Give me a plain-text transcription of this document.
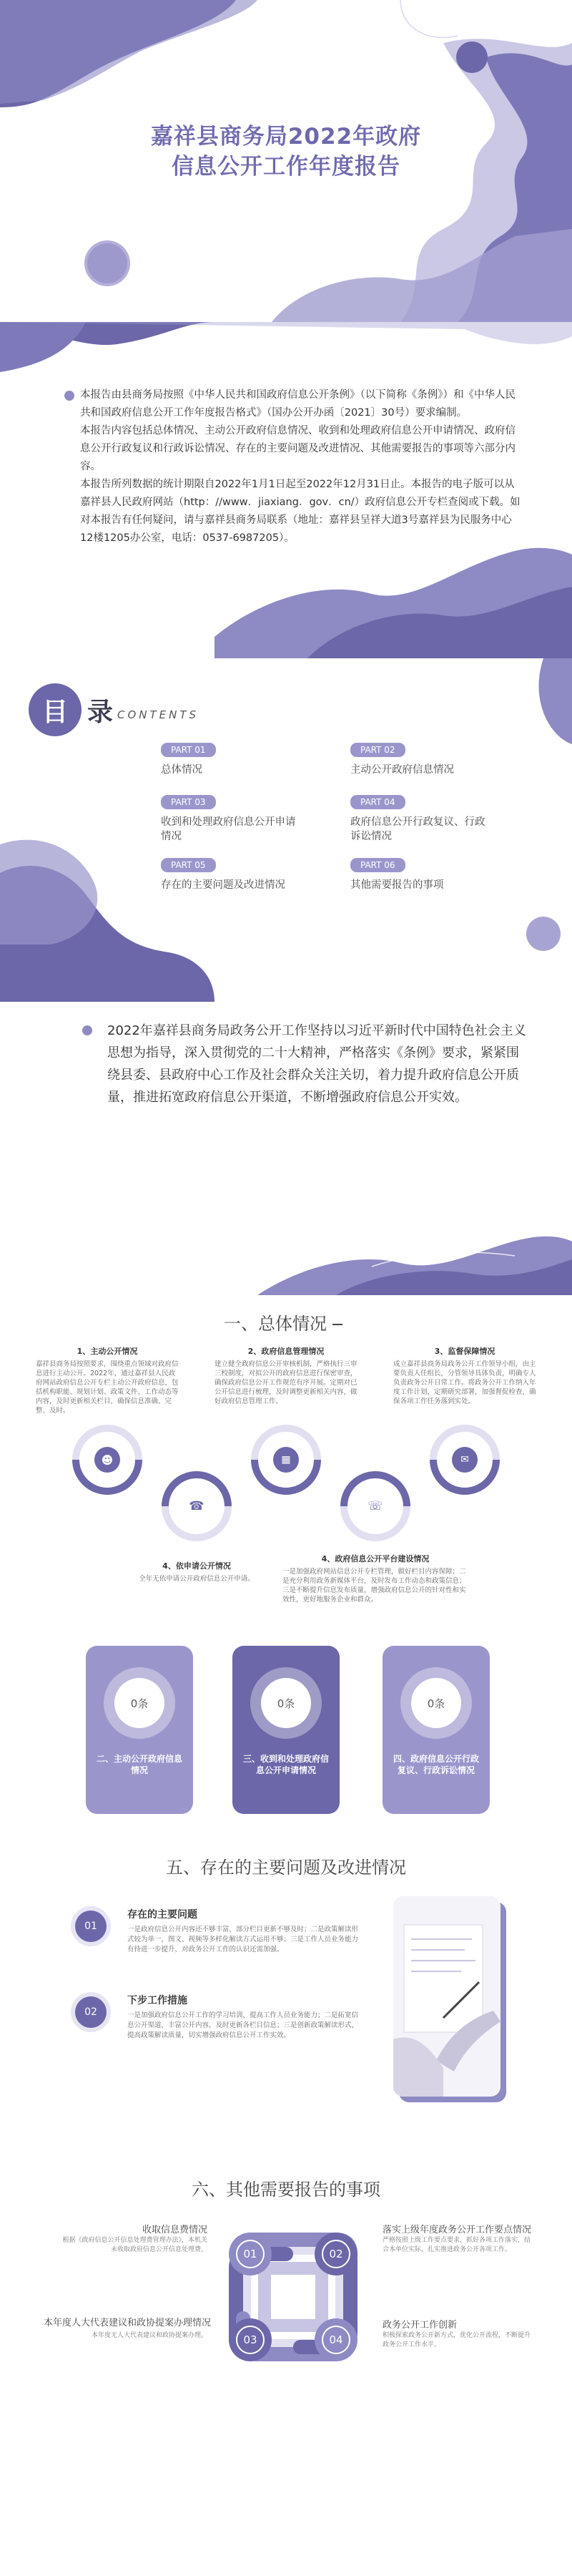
嘉祥县商务局2022年政府
信息公开工作年度报告

本报告由县商务局按照《中华人民共和国政府信息公开条例》（以下简称《条例》）和《中华人民共和国政府信息公开工作年度报告格式》（国办公开办函〔2021〕30号）要求编制。

本报告内容包括总体情况、主动公开政府信息情况、收到和处理政府信息公开申请情况、政府信息公开行政复议和行政诉讼情况、存在的主要问题及改进情况、其他需要报告的事项等六部分内容。

本报告所列数据的统计期限自2022年1月1日起至2022年12月31日止。本报告的电子版可以从嘉祥县人民政府网站（http：//www．jiaxiang．gov．cn/）政府信息公开专栏查阅或下载。如对本报告有任何疑问，请与嘉祥县商务局联系（地址：嘉祥县呈祥大道3号嘉祥县为民服务中心12楼1205办公室，电话：0537-6987205）。

目 录 CONTENTS
PART 01
总体情况
PART 02
主动公开政府信息情况
PART 03
收到和处理政府信息公开申请情况
PART 04
政府信息公开行政复议、行政诉讼情况
PART 05
存在的主要问题及改进情况
PART 06
其他需要报告的事项
2022年嘉祥县商务局政务公开工作坚持以习近平新时代中国特色社会主义思想为指导，深入贯彻党的二十大精神，严格落实《条例》要求，紧紧围绕县委、县政府中心工作及社会群众关注关切，着力提升政府信息公开质量，推进拓宽政府信息公开渠道，不断增强政府信息公开实效。
一、总体情况
1、主动公开情况
嘉祥县商务局按照要求，围绕重点领域对政府信息进行主动公开。2022年，通过嘉祥县人民政府网站政府信息公开专栏主动公开政府信息，包括机构职能、规划计划、政策文件、工作动态等内容，及时更新相关栏目，确保信息准确、完整、及时。
2、政府信息管理情况
建立健全政府信息公开审核机制，严格执行三审三校制度，对拟公开的政府信息进行保密审查，确保政府信息公开工作规范有序开展。定期对已公开信息进行梳理，及时调整更新相关内容，做好政府信息管理工作。
3、监督保障情况
成立嘉祥县商务局政务公开工作领导小组，由主要负责人任组长，分管领导具体负责，明确专人负责政务公开日常工作。将政务公开工作纳入年度工作计划，定期研究部署，加强督促检查，确保各项工作任务落到实处。
☻	▦	✉
☎	☏
4、依申请公开情况
全年无依申请公开政府信息公开申请。
4、政府信息公开平台建设情况
一是加强政府网站信息公开专栏管理，做好栏目内容保障；二是充分利用政务新媒体平台，及时发布工作动态和政策信息；三是不断提升信息发布质量，增强政府信息公开的针对性和实效性，更好地服务企业和群众。
0条
二、主动公开政府信息情况
0条
三、收到和处理政府信息公开申请情况
0条
四、政府信息公开行政复议、行政诉讼情况
五、存在的主要问题及改进情况
01
存在的主要问题
一是政府信息公开内容还不够丰富，部分栏目更新不够及时；二是政策解读形式较为单一，图文、视频等多样化解读方式运用不够；三是工作人员业务能力有待进一步提升，对政务公开工作的认识还需加强。
02
下步工作措施
一是加强政府信息公开工作的学习培训，提高工作人员业务能力；二是拓宽信息公开渠道，丰富公开内容，及时更新各栏目信息；三是创新政策解读形式，提高政策解读质量，切实增强政府信息公开工作实效。
六、其他需要报告的事项
01	02
03	04
收取信息费情况
根据《政府信息公开信息处理费管理办法》，本机关未收取政府信息公开信息处理费。
落实上级年度政务公开工作要点情况
严格按照上级工作要点要求，抓好各项工作落实，结合本单位实际，扎实推进政务公开各项工作。
本年度人大代表建议和政协提案办理情况
本年度无人大代表建议和政协提案办理。
政务公开工作创新
积极探索政务公开新方式，优化公开流程，不断提升政务公开工作水平。
